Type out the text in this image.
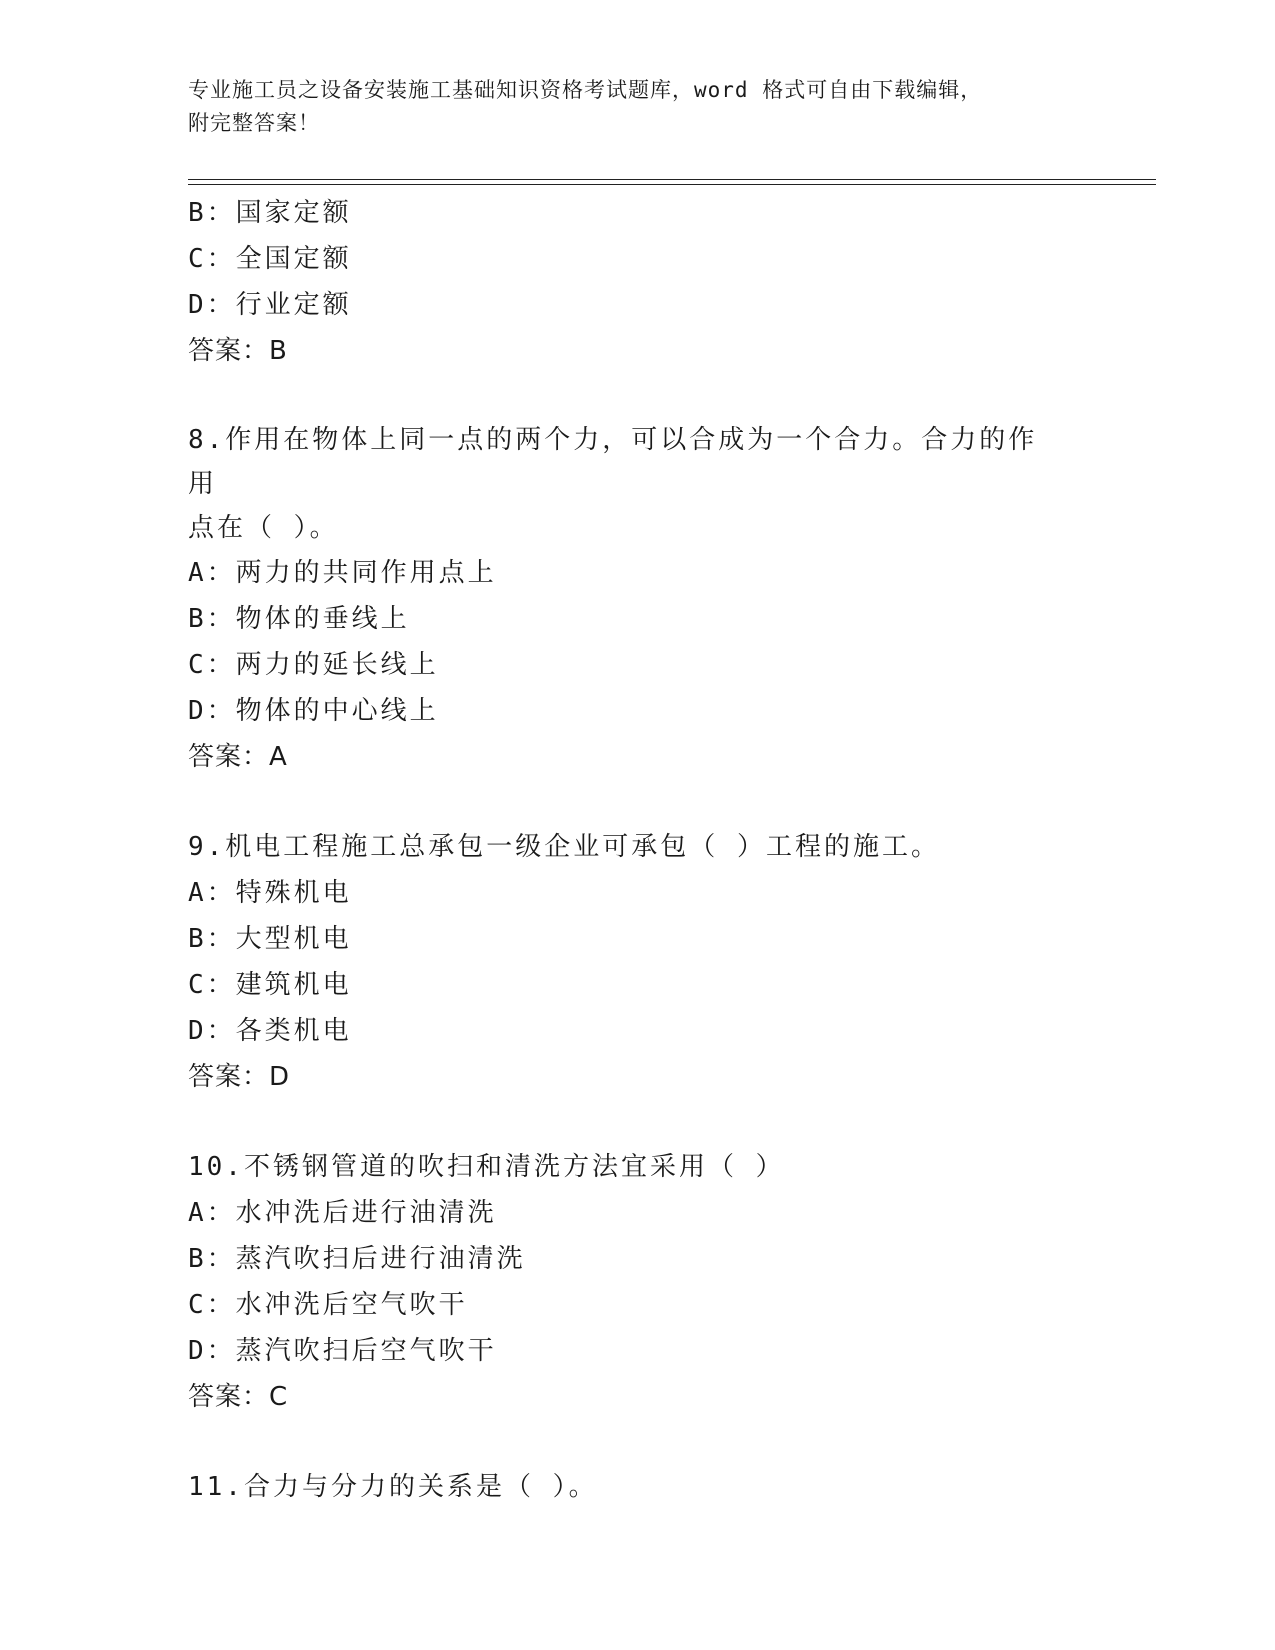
专业施工员之设备安装施工基础知识资格考试题库，word 格式可自由下载编辑，
附完整答案！
B：国家定额
C：全国定额
D：行业定额
答案：B
8.作用在物体上同一点的两个力，可以合成为一个合力。合力的作用
点在（ ）。
A：两力的共同作用点上
B：物体的垂线上
C：两力的延长线上
D：物体的中心线上
答案：A
9.机电工程施工总承包一级企业可承包（ ）工程的施工。
A：特殊机电
B：大型机电
C：建筑机电
D：各类机电
答案：D
10.不锈钢管道的吹扫和清洗方法宜采用（ ）
A：水冲洗后进行油清洗
B：蒸汽吹扫后进行油清洗
C：水冲洗后空气吹干
D：蒸汽吹扫后空气吹干
答案：C
11.合力与分力的关系是（ ）。
